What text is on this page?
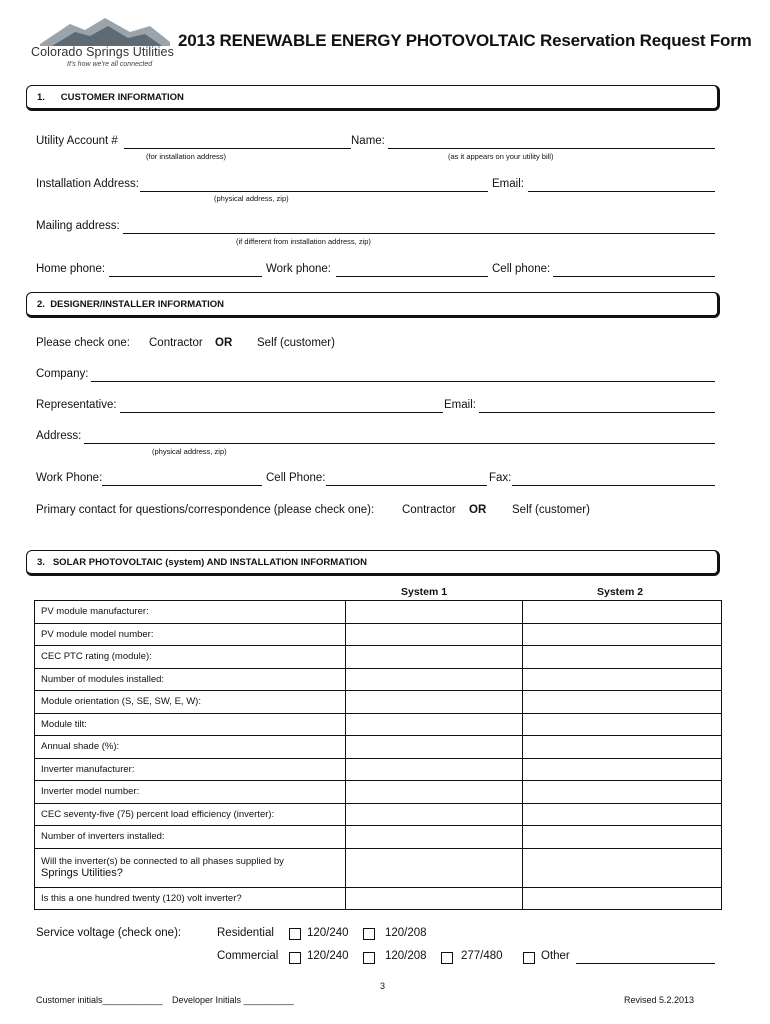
Colorado Springs Utilities
It's how we're all connected
2013 RENEWABLE ENERGY PHOTOVOLTAIC Reservation Request Form
1.      CUSTOMER INFORMATION
Utility Account #
(for installation address)
Name:
(as it appears on your utility bill)
Installation Address:
(physical address, zip)
Email:
Mailing address:
(if different from installation address, zip)
Home phone:	Work phone:	Cell phone:
2.  DESIGNER/INSTALLER INFORMATION
Please check one: Contractor OR Self (customer)
Company:
Representative:	Email:
Address:
(physical address, zip)
Work Phone:	Cell Phone:	Fax:
Primary contact for questions/correspondence (please check one): Contractor OR Self (customer)
3.   SOLAR PHOTOVOLTAIC (system) AND INSTALLATION INFORMATION
System 1	System 2
PV module manufacturer:		
PV module model number:		
CEC PTC rating (module):		
Number of modules installed:		
Module orientation (S, SE, SW, E, W):		
Module tilt:		
Annual shade (%):		
Inverter manufacturer:		
Inverter model number:		
CEC seventy-five (75) percent load efficiency (inverter):		
Number of inverters installed:		

Will the inverter(s) be connected to all phases supplied by
Springs Utilities?		

Is this a one hundred twenty (120) volt inverter?		
Service voltage (check one):	Residential	120/240	120/208
Commercial 120/240	120/208	277/480	Other
3
Customer initials____________ Developer Initials __________	Revised 5.2.2013
